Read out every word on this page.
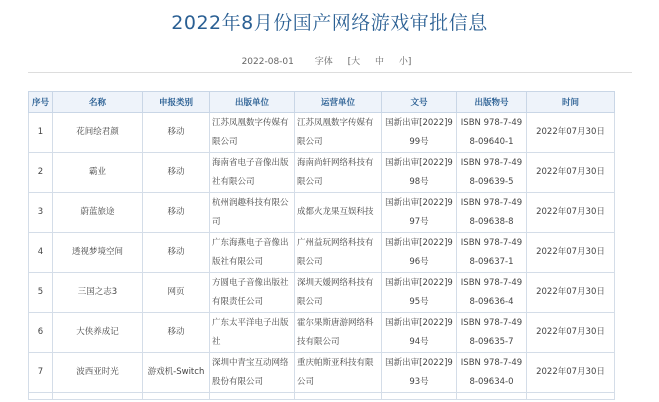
2022年8月份国产网络游戏审批信息
2022-08-01 字体 [大 中 小]
序号	名称	申报类别	出版单位	运营单位	文号	出版物号	时间
1	花间绘君颜	移动	江苏凤凰数字传媒有限公司	江苏凤凰数字传媒有限公司	国新出审[2022]999号	ISBN 978-7-498-09640-1	2022年07月30日
2	霸业	移动	海南省电子音像出版社有限公司	海南尚轩网络科技有限公司	国新出审[2022]998号	ISBN 978-7-498-09639-5	2022年07月30日
3	蔚蓝旅途	移动	杭州润趣科技有限公司	成都火龙果互娱科技	国新出审[2022]997号	ISBN 978-7-498-09638-8	2022年07月30日
4	透视梦境空间	移动	广东海燕电子音像出版社有限公司	广州益玩网络科技有限公司	国新出审[2022]996号	ISBN 978-7-498-09637-1	2022年07月30日
5	三国之志3	网页	方圆电子音像出版社有限责任公司	深圳天媛网络科技有限公司	国新出审[2022]995号	ISBN 978-7-498-09636-4	2022年07月30日
6	大侠养成记	移动	广东太平洋电子出版社	霍尔果斯唐游网络科技有限公司	国新出审[2022]994号	ISBN 978-7-498-09635-7	2022年07月30日
7	波西亚时光	游戏机-Switch	深圳中青宝互动网络股份有限公司	重庆帕斯亚科技有限公司	国新出审[2022]993号	ISBN 978-7-498-09634-0	2022年07月30日
